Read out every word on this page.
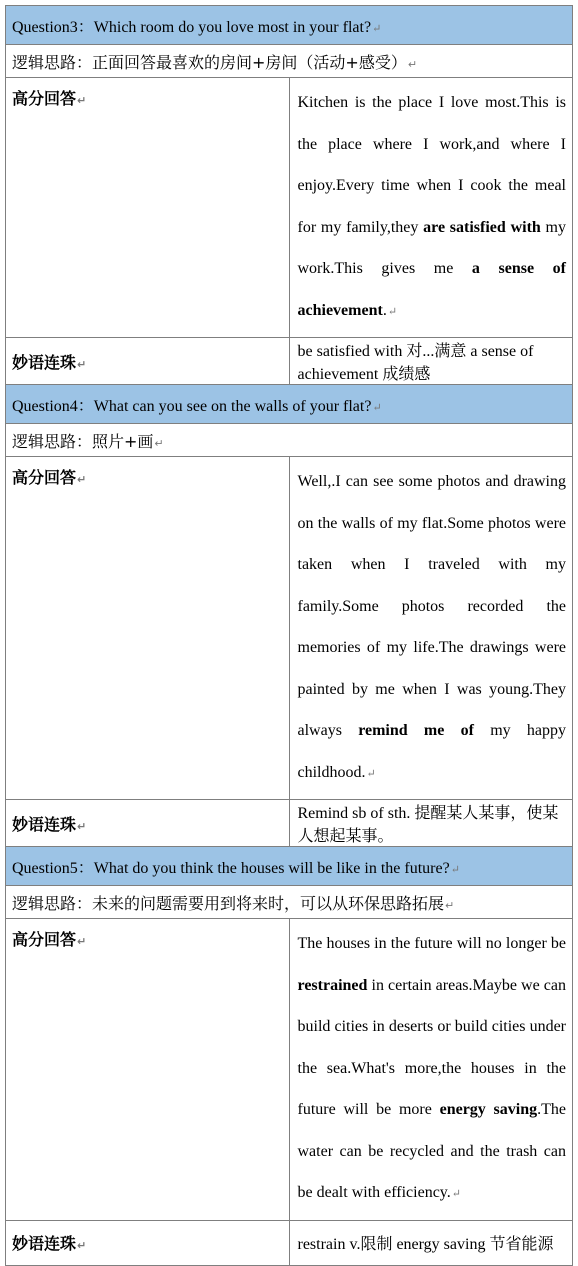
Question3：Which room do you love most in your flat?↵	
逻辑思路：正面回答最喜欢的房间+房间（活动+感受）↵	
高分回答↵	Kitchen is the place I love most.This is the place where I work,and where I enjoy.Every time when I cook the meal for my family,they are satisfied with my work.This gives me a sense of achievement.↵

妙语连珠↵	be satisfied with 对...满意 a sense of achievement 成绩感
Question4：What can you see on the walls of your flat?↵	
逻辑思路：照片+画↵	
高分回答↵	Well,.I can see some photos and drawing on the walls of my flat.Some photos were taken when I traveled with my family.Some photos recorded the memories of my life.The drawings were painted by me when I was young.They always remind me of my happy childhood.↵

妙语连珠↵	Remind sb of sth. 提醒某人某事，使某人想起某事。
Question5：What do you think the houses will be like in the future?↵	
逻辑思路：未来的问题需要用到将来时，可以从环保思路拓展↵	
高分回答↵	The houses in the future will no longer be restrained in certain areas.Maybe we can build cities in deserts or build cities under the sea.What's more,the houses in the future will be more energy saving.The water can be recycled and the trash can be dealt with efficiency.↵

妙语连珠↵	restrain v.限制 energy saving 节省能源
